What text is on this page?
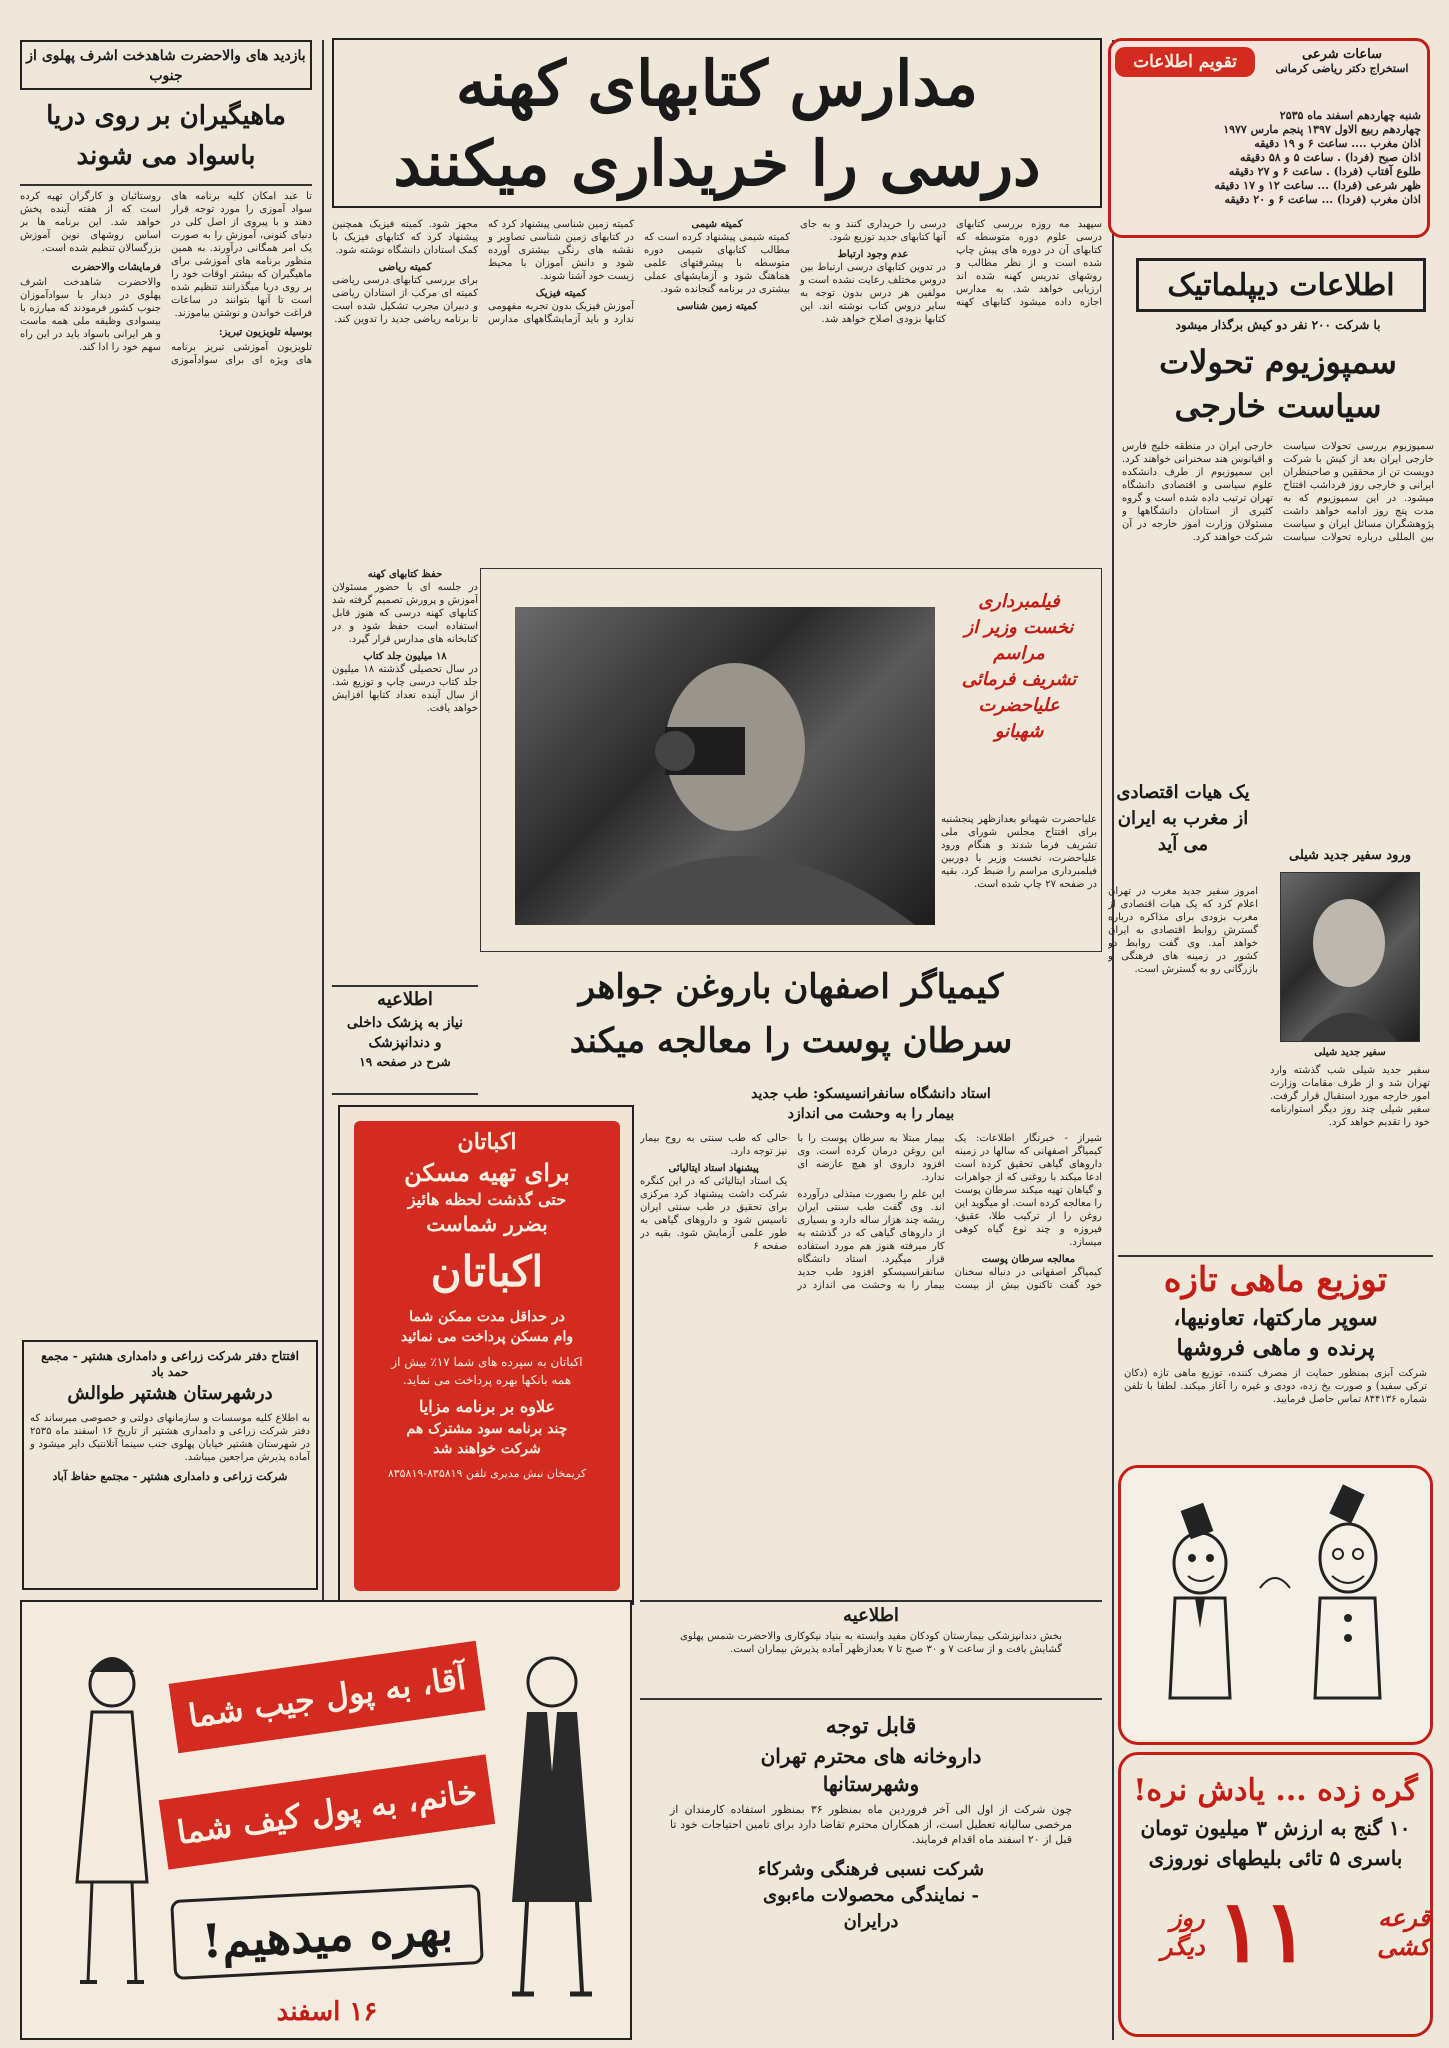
تقویم اطلاعات	ساعات شرعی
استخراج دکتر ریاضی کرمانی
شنبه چهاردهم اسفند ماه ۲۵۳۵
چهاردهم ربیع الاول ۱۳۹۷ پنجم مارس ۱۹۷۷
اذان مغرب .... ساعت ۶ و ۱۹ دقیقه
اذان صبح (فردا) . ساعت ۵ و ۵۸ دقیقه
طلوع آفتاب (فردا) . ساعت ۶ و ۲۷ دقیقه
ظهر شرعی (فردا) ... ساعت ۱۲ و ۱۷ دقیقه
اذان مغرب (فردا) ... ساعت ۶ و ۲۰ دقیقه
بازدید های والاحضرت شاهدخت اشرف پهلوی از جنوب	مدارس کتابهای کهنه
درسی را خریداری میکنند
اطلاعات دیپلماتیک
با شرکت ۲۰۰ نفر دو کیش برگذار میشود
سمپوزیوم تحولات
سیاست خارجی
سمپوزیوم بررسی تحولات سیاست خارجی ایران بعد از کیش با شرکت دویست تن از محققین و صاحبنظران ایرانی و خارجی روز فرداشب افتتاح میشود. در این سمپوزیوم که به مدت پنج روز ادامه خواهد داشت پژوهشگران مسائل ایران و سیاست بین المللی درباره تحولات سیاست خارجی ایران در منطقه خلیج فارس و اقیانوس هند سخنرانی خواهند کرد. این سمپوزیوم از طرف دانشکده علوم سیاسی و اقتصادی دانشگاه تهران ترتیب داده شده است و گروه کثیری از استادان دانشگاهها و مسئولان وزارت امور خارجه در آن شرکت خواهند کرد.
یک هیات اقتصادی
از مغرب به ایران
می آید
امروز سفیر جدید مغرب در تهران اعلام کرد که یک هیات اقتصادی از مغرب بزودی برای مذاکره درباره گسترش روابط اقتصادی به ایران خواهد آمد. وی گفت روابط دو کشور در زمینه های فرهنگی و بازرگانی رو به گسترش است.
ورود سفیر جدید شیلی
سفیر جدید شیلی
سفیر جدید شیلی شب گذشته وارد تهران شد و از طرف مقامات وزارت امور خارجه مورد استقبال قرار گرفت. سفیر شیلی چند روز دیگر استوارنامه خود را تقدیم خواهد کرد.
توزیع ماهی تازه
سوپر مارکتها، تعاونیها،
پرنده و ماهی فروشها
شرکت آبزی بمنظور حمایت از مصرف کننده، توزیع ماهی تازه (دکان ترکی سفید) و صورت یخ زده، دودی و غیره را آغاز میکند. لطفا با تلفن شماره ۸۴۴۱۳۶ تماس حاصل فرمایید.
گره زده ... یادش نره!
۱۰ گنج به ارزش ۳ میلیون تومان
باسری ۵ تائی بلیطهای نوروزی
قرعه کشی
۱۱
روز دیگر
ماهیگیران بر روی دریا
باسواد می شوند

تا عبد امکان کلیه برنامه های سواد آموزی را مورد توجه قرار دهند و با پیروی از اصل کلی در دنیای کنونی، آموزش را به صورت یک امر همگانی درآورند. به همین منظور برنامه های آموزشی برای ماهیگیران که بیشتر اوقات خود را بر روی دریا میگذرانند تنظیم شده است تا آنها بتوانند در ساعات فراغت خواندن و نوشتن بیاموزند.

بوسیله تلویزیون تبریز:

تلویزیون آموزشی تبریز برنامه های ویژه ای برای سوادآموزی روستائیان و کارگران تهیه کرده است که از هفته آینده پخش خواهد شد. این برنامه ها بر اساس روشهای نوین آموزش بزرگسالان تنظیم شده است.

فرمایشات والاحضرت

والاحضرت شاهدخت اشرف پهلوی در دیدار با سوادآموزان جنوب کشور فرمودند که مبارزه با بیسوادی وظیفه ملی همه ماست و هر ایرانی باسواد باید در این راه سهم خود را ادا کند.

افتتاح دفتر شرکت زراعی و دامداری هشتپر - مجمع حمد باد
درشهرستان هشتپر طوالش
به اطلاع کلیه موسسات و سازمانهای دولتی و خصوصی میرساند که دفتر شرکت زراعی و دامداری هشتپر از تاریخ ۱۶ اسفند ماه ۲۵۳۵ در شهرستان هشتپر خیابان پهلوی جنب سینما آتلانتیک دایر میشود و آماده پذیرش مراجعین میباشد.
شرکت زراعی و دامداری هشتپر - مجتمع حفاظ آباد

سپهبد مه روزه بررسی کتابهای درسی علوم دوره متوسطه که کتابهای آن در دوره های پیش چاپ شده است و از نظر مطالب و روشهای تدریس کهنه شده اند ارزیابی خواهد شد. به مدارس اجازه داده میشود کتابهای کهنه درسی را خریداری کنند و به جای آنها کتابهای جدید توزیع شود.

عدم وجود ارتباط

در تدوین کتابهای درسی ارتباط بین دروس مختلف رعایت نشده است و مولفین هر درس بدون توجه به سایر دروس کتاب نوشته اند. این کتابها بزودی اصلاح خواهد شد.

کمیته شیمی

کمیته شیمی پیشنهاد کرده است که مطالب کتابهای شیمی دوره متوسطه با پیشرفتهای علمی هماهنگ شود و آزمایشهای عملی بیشتری در برنامه گنجانده شود.

کمیته زمین شناسی

کمیته زمین شناسی پیشنهاد کرد که در کتابهای زمین شناسی تصاویر و نقشه های رنگی بیشتری آورده شود و دانش آموزان با محیط زیست خود آشنا شوند.

کمیته فیزیک

آموزش فیزیک بدون تجربه مفهومی ندارد و باید آزمایشگاههای مدارس مجهز شود. کمیته فیزیک همچنین پیشنهاد کرد که کتابهای فیزیک با کمک استادان دانشگاه نوشته شود.

کمیته ریاضی

برای بررسی کتابهای درسی ریاضی کمیته ای مرکب از استادان ریاضی و دبیران مجرب تشکیل شده است تا برنامه ریاضی جدید را تدوین کند.

حفظ کتابهای کهنه

در جلسه ای با حضور مسئولان آموزش و پرورش تصمیم گرفته شد کتابهای کهنه درسی که هنوز قابل استفاده است حفظ شود و در کتابخانه های مدارس قرار گیرد.

۱۸ میلیون جلد کتاب

در سال تحصیلی گذشته ۱۸ میلیون جلد کتاب درسی چاپ و توزیع شد. از سال آینده تعداد کتابها افزایش خواهد یافت.

فیلمبرداری
نخست وزیر از
مراسم
تشریف فرمائی
علیاحضرت
شهبانو
علیاحضرت شهبانو بعدازظهر پنجشنبه برای افتتاح مجلس شورای ملی تشریف فرما شدند و هنگام ورود علیاحضرت، نخست وزیر با دوربین فیلمبرداری مراسم را ضبط کرد. بقیه در صفحه ۲۷ چاپ شده است.
کیمیاگر اصفهان باروغن جواهر
سرطان پوست را معالجه میکند
استاد دانشگاه سانفرانسیسکو: طب جدید
بیمار را به وحشت می اندازد

شیراز - خبرنگار اطلاعات: یک کیمیاگر اصفهانی که سالها در زمینه داروهای گیاهی تحقیق کرده است ادعا میکند با روغنی که از جواهرات و گیاهان تهیه میکند سرطان پوست را معالجه کرده است. او میگوید این روغن را از ترکیب طلا، عقیق، فیروزه و چند نوع گیاه کوهی میسازد.

معالجه سرطان پوست

کیمیاگر اصفهانی در دنباله سخنان خود گفت تاکنون بیش از بیست بیمار مبتلا به سرطان پوست را با این روغن درمان کرده است. وی افزود داروی او هیچ عارضه ای ندارد.

این علم را بصورت مبتذلی درآورده اند. وی گفت طب سنتی ایران ریشه چند هزار ساله دارد و بسیاری از داروهای گیاهی که در گذشته به کار میرفته هنوز هم مورد استفاده قرار میگیرد. استاد دانشگاه سانفرانسیسکو افزود طب جدید بیمار را به وحشت می اندازد در حالی که طب سنتی به روح بیمار نیز توجه دارد.

پیشنهاد استاد ایتالیائی

یک استاد ایتالیائی که در این کنگره شرکت داشت پیشنهاد کرد مرکزی برای تحقیق در طب سنتی ایران تاسیس شود و داروهای گیاهی به طور علمی آزمایش شود. بقیه در صفحه ۶

اطلاعیه
نیاز به پزشک داخلی
و دندانپزشک
شرح در صفحه ۱۹
اکباتان
برای تهیه مسکن
حتی گذشت لحظه هائیز
بضرر شماست
اکباتان
در حداقل مدت ممکن شما
وام مسکن پرداخت می نمائید
اکباتان به سپرده های شما ۱۷٪ بیش از
همه بانکها بهره پرداخت می نماید.
علاوه بر برنامه مزایا
چند برنامه سود مشترک هم
شرکت خواهند شد
کریمخان نبش مدیری تلفن ۸۳۵۸۱۹-۸۳۵۸۱۹
اطلاعیه
بخش دندانپزشکی بیمارستان کودکان مفید وابسته به بنیاد نیکوکاری والاحضرت شمس پهلوی گشایش یافت و از ساعت ۷ و ۳۰ صبح تا ۷ بعدازظهر آماده پذیرش بیماران است.
قابل توجه
داروخانه های محترم تهران
وشهرستانها
چون شرکت از اول الی آخر فروردین ماه بمنظور ۳۶ بمنظور استفاده کارمندان از مرخصی سالیانه تعطیل است، از همکاران محترم تقاضا دارد برای تامین احتیاجات خود تا قبل از ۲۰ اسفند ماه اقدام فرمایند.
شرکت نسبی فرهنگی وشرکاء
- نمایندگی محصولات ماءبوی
درایران
آقا، به پول جیب شما
خانم، به پول کیف شما
بهره میدهیم!
۱۶ اسفند
